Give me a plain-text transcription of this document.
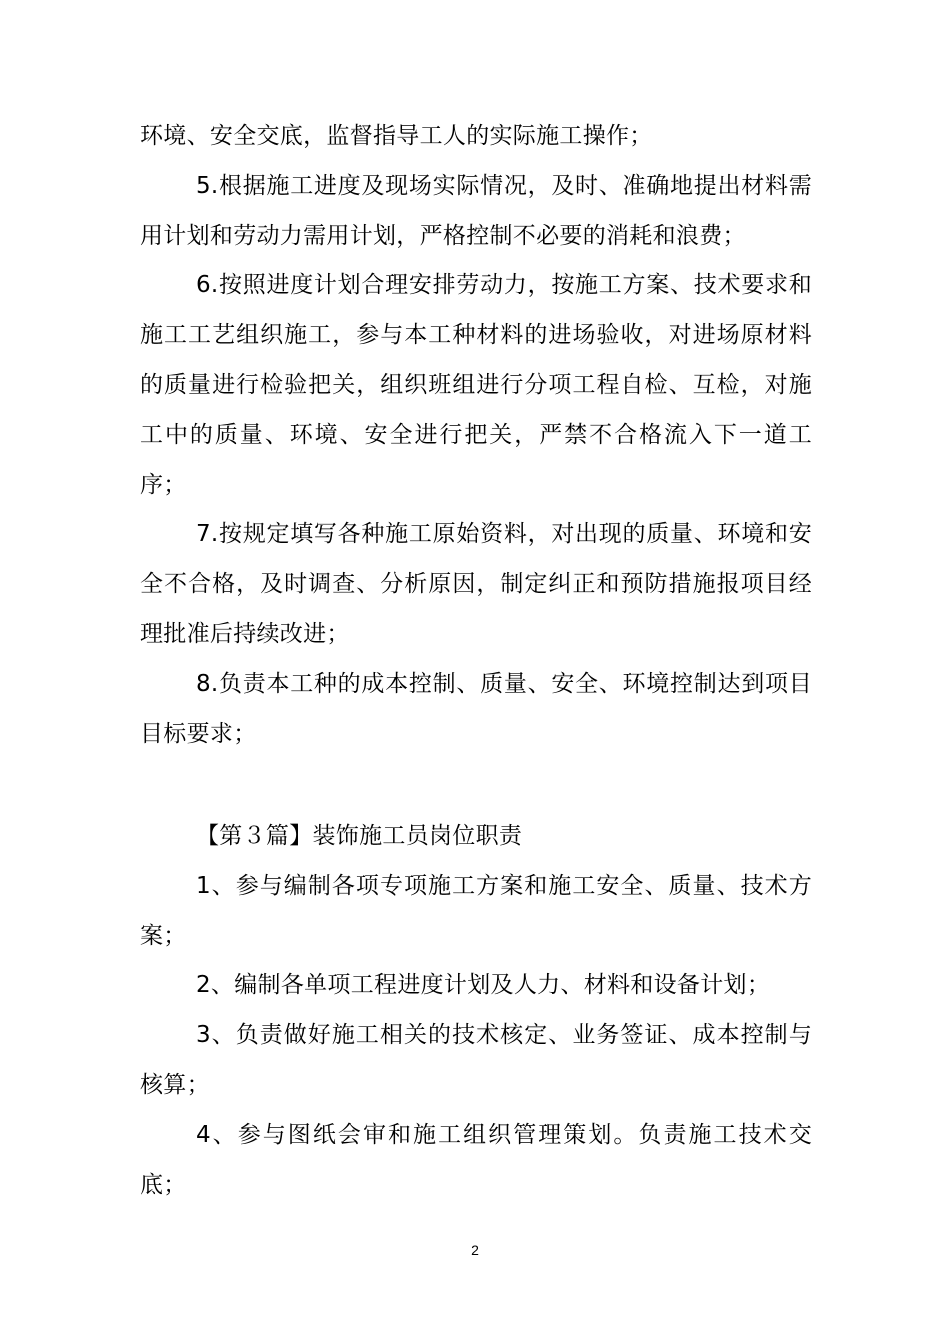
环境、安全交底，监督指导工人的实际施工操作；

5.根据施工进度及现场实际情况，及时、准确地提出材料需用计划和劳动力需用计划，严格控制不必要的消耗和浪费；

6.按照进度计划合理安排劳动力，按施工方案、技术要求和施工工艺组织施工，参与本工种材料的进场验收，对进场原材料的质量进行检验把关，组织班组进行分项工程自检、互检，对施工中的质量、环境、安全进行把关，严禁不合格流入下一道工序；

7.按规定填写各种施工原始资料，对出现的质量、环境和安全不合格，及时调查、分析原因，制定纠正和预防措施报项目经理批准后持续改进；

8.负责本工种的成本控制、质量、安全、环境控制达到项目目标要求；

【第３篇】装饰施工员岗位职责

1、参与编制各项专项施工方案和施工安全、质量、技术方案；

2、编制各单项工程进度计划及人力、材料和设备计划；

3、负责做好施工相关的技术核定、业务签证、成本控制与核算；

4、参与图纸会审和施工组织管理策划。负责施工技术交底；

2
